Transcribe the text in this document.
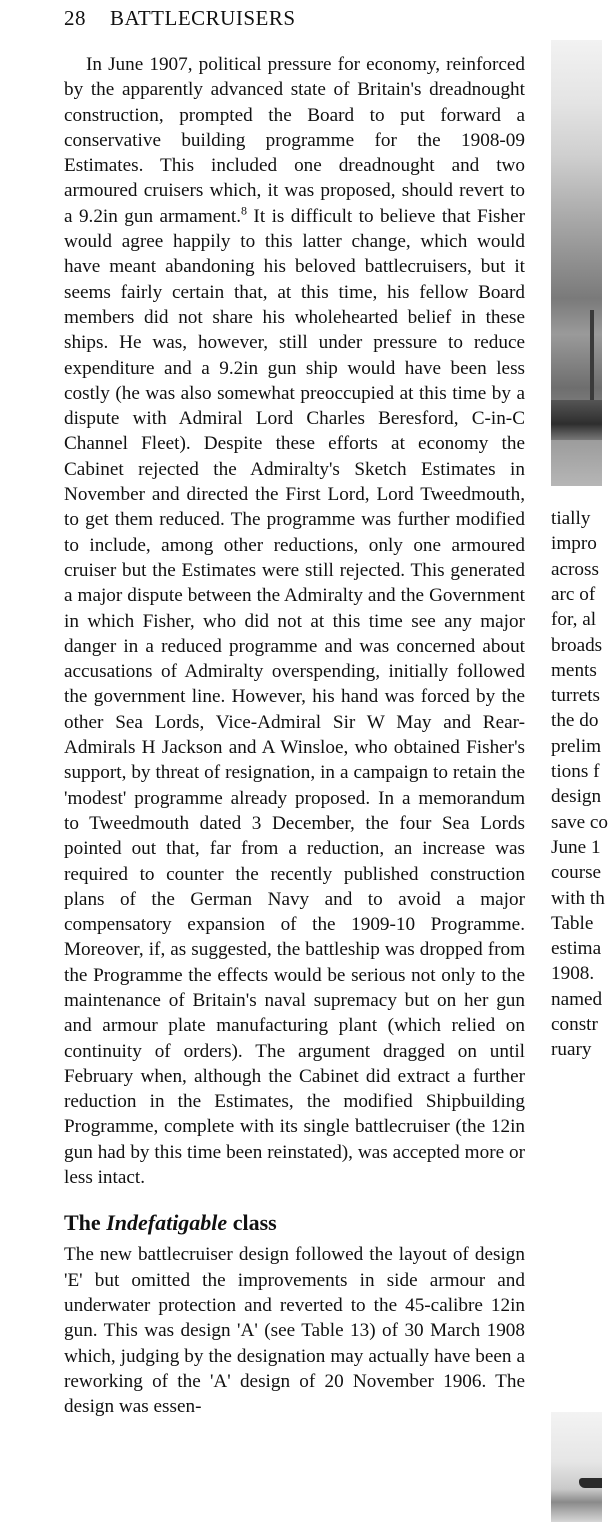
28 BATTLECRUISERS

In June 1907, political pressure for economy, reinforced by the apparently advanced state of Britain's dreadnought construction, prompted the Board to put forward a conservative building programme for the 1908-09 Estimates. This included one dreadnought and two armoured cruisers which, it was proposed, should revert to a 9.2in gun armament.$^8$ It is difficult to believe that Fisher would agree happily to this latter change, which would have meant abandoning his beloved battlecruisers, but it seems fairly certain that, at this time, his fellow Board members did not share his wholehearted belief in these ships. He was, however, still under pressure to reduce expenditure and a 9.2in gun ship would have been less costly (he was also somewhat preoccupied at this time by a dispute with Admiral Lord Charles Beresford, C-in-C Channel Fleet). Despite these efforts at economy the Cabinet rejected the Admiralty's Sketch Estimates in November and directed the First Lord, Lord Tweedmouth, to get them reduced. The programme was further modified to include, among other reductions, only one armoured cruiser but the Estimates were still rejected. This generated a major dispute between the Admiralty and the Government in which Fisher, who did not at this time see any major danger in a reduced programme and was concerned about accusations of Admiralty overspending, initially followed the government line. However, his hand was forced by the other Sea Lords, Vice-Admiral Sir W May and Rear-Admirals H Jackson and A Winsloe, who obtained Fisher's support, by threat of resignation, in a campaign to retain the 'modest' programme already proposed. In a memorandum to Tweedmouth dated 3 December, the four Sea Lords pointed out that, far from a reduction, an increase was required to counter the recently published construction plans of the German Navy and to avoid a major compensatory expansion of the 1909-10 Programme. Moreover, if, as suggested, the battleship was dropped from the Programme the effects would be serious not only to the maintenance of Britain's naval supremacy but on her gun and armour plate manufacturing plant (which relied on continuity of orders). The argument dragged on until February when, although the Cabinet did extract a further reduction in the Estimates, the modified Shipbuilding Programme, complete with its single battlecruiser (the 12in gun had by this time been reinstated), was accepted more or less intact.

The Indefatigable class

The new battlecruiser design followed the layout of design 'E' but omitted the improvements in side armour and underwater protection and reverted to the 45-calibre 12in gun. This was design 'A' (see Table 13) of 30 March 1908 which, judging by the designation may actually have been a reworking of the 'A' design of 20 November 1906. The design was essen-

tially
impro
across
arc of
for, al
broads
ments
turrets
the do
prelim
tions f
design
save co
June 1
course
with th
Table
estima
1908.
named
constr
ruary
